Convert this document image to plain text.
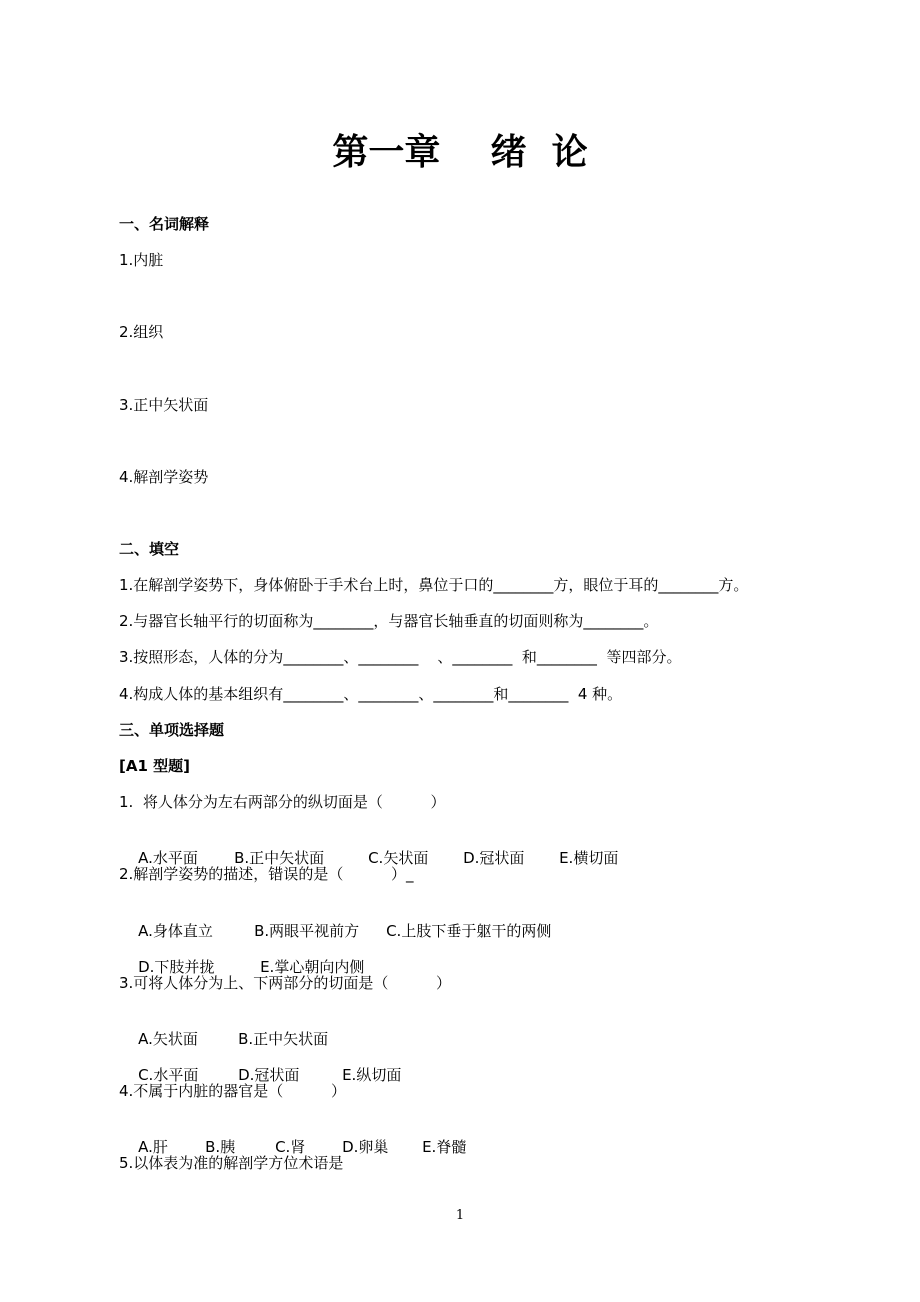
第一章    绪  论
一、名词解释
1.内脏
2.组织
3.正中矢状面
4.解剖学姿势
二、填空
1.在解剖学姿势下，身体俯卧于手术台上时，鼻位于口的________方，眼位于耳的________方。
2.与器官长轴平行的切面称为________，与器官长轴垂直的切面则称为________。
3.按照形态，人体的分为________、________    、________  和________  等四部分。
4.构成人体的基本组织有________、________、________和________  4 种。
三、单项选择题
[A1 型题]
1.  将人体分为左右两部分的纵切面是（          ）

A.水平面 B.正中矢状面	C.矢状面 D.冠状面 E.横切面

2.解剖学姿势的描述，错误的是（          ）_

A.身体直立	B.两眼平视前方 C.上肢下垂于躯干的两侧

D.下肢并拢	E.掌心朝向内侧

3.可将人体分为上、下两部分的切面是（          ）

A.矢状面	B.正中矢状面

C.水平面	D.冠状面	E.纵切面

4.不属于内脏的器官是（          ）

A.肝 B.胰	C.肾 D.卵巢 E.脊髓

5.以体表为准的解剖学方位术语是
1
